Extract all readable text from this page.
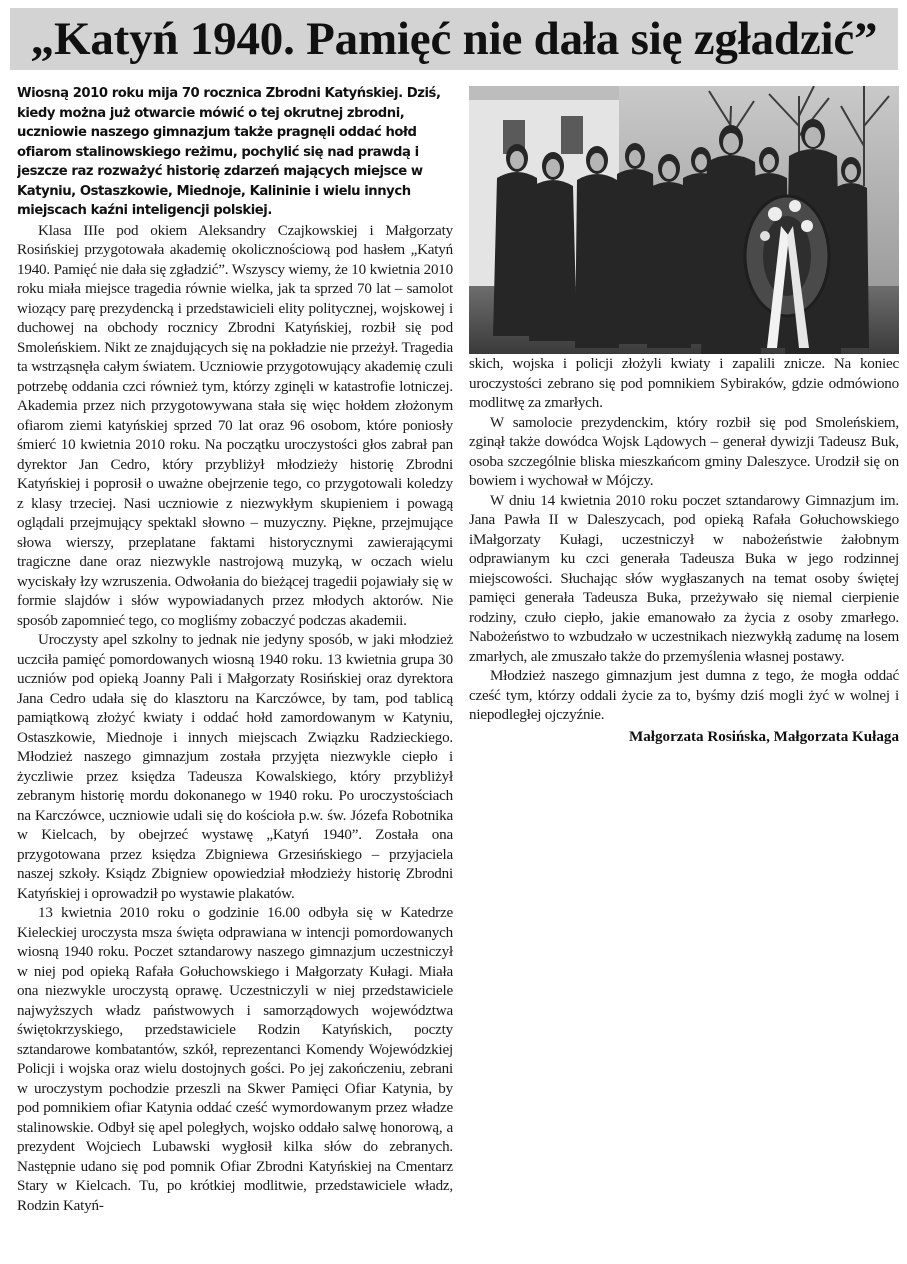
„Katyń 1940. Pamięć nie dała się zgładzić”

Wiosną 2010 roku mija 70 rocznica Zbrodni Katyńskiej. Dziś, kiedy można już otwarcie mówić o tej okrutnej zbrodni, uczniowie naszego gimnazjum także pragnęli oddać hołd ofiarom stalinowskiego reżimu, pochylić się nad prawdą i jeszcze raz rozważyć historię zdarzeń mających miejsce w Katyniu, Ostaszkowie, Miednoje, Kalininie i wielu innych miejscach kaźni inteligencji polskiej.

Klasa IIIe pod okiem Aleksandry Czajkowskiej i Małgorzaty Rosińskiej przygotowała akademię okolicznościową pod hasłem „Katyń 1940. Pamięć nie dała się zgładzić”. Wszyscy wiemy, że 10 kwietnia 2010 roku miała miejsce tragedia równie wielka, jak ta sprzed 70 lat – samolot wiozący parę prezydencką i przedstawicieli elity politycznej, wojskowej i duchowej na obchody rocznicy Zbrodni Katyńskiej, rozbił się pod Smoleńskiem. Nikt ze znajdujących się na pokładzie nie przeżył. Tragedia ta wstrząsnęła całym światem. Uczniowie przygotowujący akademię czuli potrzebę oddania czci również tym, którzy zginęli w katastrofie lotniczej. Akademia przez nich przygotowywana stała się więc hołdem złożonym ofiarom ziemi katyńskiej sprzed 70 lat oraz 96 osobom, które poniosły śmierć 10 kwietnia 2010 roku. Na początku uroczystości głos zabrał pan dyrektor Jan Cedro, który przybliżył młodzieży historię Zbrodni Katyńskiej i poprosił o uważne obejrzenie tego, co przygotowali koledzy z klasy trzeciej. Nasi uczniowie z niezwykłym skupieniem i powagą oglądali przejmujący spektakl słowno – muzyczny. Piękne, przejmujące słowa wierszy, przeplatane faktami historycznymi zawierającymi tragiczne dane oraz niezwykle nastrojową muzyką, w oczach wielu wyciskały łzy wzruszenia. Odwołania do bieżącej tragedii pojawiały się w formie slajdów i słów wypowiadanych przez młodych aktorów. Nie sposób zapomnieć tego, co mogliśmy zobaczyć podczas akademii.

Uroczysty apel szkolny to jednak nie jedyny sposób, w jaki młodzież uczciła pamięć pomordowanych wiosną 1940 roku. 13 kwietnia grupa 30 uczniów pod opieką Joanny Pali i Małgorzaty Rosińskiej oraz dyrektora Jana Cedro udała się do klasztoru na Karczówce, by tam, pod tablicą pamiątkową złożyć kwiaty i oddać hołd zamordowanym w Katyniu, Ostaszkowie, Miednoje i innych miejscach Związku Radzieckiego. Młodzież naszego gimnazjum została przyjęta niezwykle ciepło i życzliwie przez księdza Tadeusza Kowalskiego, który przybliżył zebranym historię mordu dokonanego w 1940 roku. Po uroczystościach na Karczówce, uczniowie udali się do kościoła p.w. św. Józefa Robotnika w Kielcach, by obejrzeć wystawę „Katyń 1940”. Została ona przygotowana przez księdza Zbigniewa Grzesińskiego – przyjaciela naszej szkoły. Ksiądz Zbigniew opowiedział młodzieży historię Zbrodni Katyńskiej i oprowadził po wystawie plakatów.

13 kwietnia 2010 roku o godzinie 16.00 odbyła się w Katedrze Kieleckiej uroczysta msza święta odprawiana w intencji pomordowanych wiosną 1940 roku. Poczet sztandarowy naszego gimnazjum uczestniczył w niej pod opieką Rafała Gołuchowskiego i Małgorzaty Kułagi. Miała ona niezwykle uroczystą oprawę. Uczestniczyli w niej przedstawiciele najwyższych władz państwowych i samorządowych województwa świętokrzyskiego, przedstawiciele Rodzin Katyńskich, poczty sztandarowe kombatantów, szkół, reprezentanci Komendy Wojewódzkiej Policji i wojska oraz wielu dostojnych gości. Po jej zakończeniu, zebrani w uroczystym pochodzie przeszli na Skwer Pamięci Ofiar Katynia, by pod pomnikiem ofiar Katynia oddać cześć wymordowanym przez władze stalinowskie. Odbył się apel poległych, wojsko oddało salwę honorową, a prezydent Wojciech Lubawski wygłosił kilka słów do zebranych. Następnie udano się pod pomnik Ofiar Zbrodni Katyńskiej na Cmentarz Stary w Kielcach. Tu, po krótkiej modlitwie, przedstawiciele władz, Rodzin Katyń-

skich, wojska i policji złożyli kwiaty i zapalili znicze. Na koniec uroczystości zebrano się pod pomnikiem Sybiraków, gdzie odmówiono modlitwę za zmarłych.

W samolocie prezydenckim, który rozbił się pod Smoleńskiem, zginął także dowódca Wojsk Lądowych – generał dywizji Tadeusz Buk, osoba szczególnie bliska mieszkańcom gminy Daleszyce. Urodził się on bowiem i wychował w Mójczy.

W dniu 14 kwietnia 2010 roku poczet sztandarowy Gimnazjum im. Jana Pawła II w Daleszycach, pod opieką Rafała Gołuchowskiego iMałgorzaty Kułagi, uczestniczył w nabożeństwie żałobnym odprawianym ku czci generała Tadeusza Buka w jego rodzinnej miejscowości. Słuchając słów wygłaszanych na temat osoby świętej pamięci generała Tadeusza Buka, przeżywało się niemal cierpienie rodziny, czuło ciepło, jakie emanowało za życia z osoby zmarłego. Nabożeństwo to wzbudzało w uczestnikach niezwykłą zadumę na losem zmarłych, ale zmuszało także do przemyślenia własnej postawy.

Młodzież naszego gimnazjum jest dumna z tego, że mogła oddać cześć tym, którzy oddali życie za to, byśmy dziś mogli żyć w wolnej i niepodległej ojczyźnie.

Małgorzata Rosińska, Małgorzata Kułaga
